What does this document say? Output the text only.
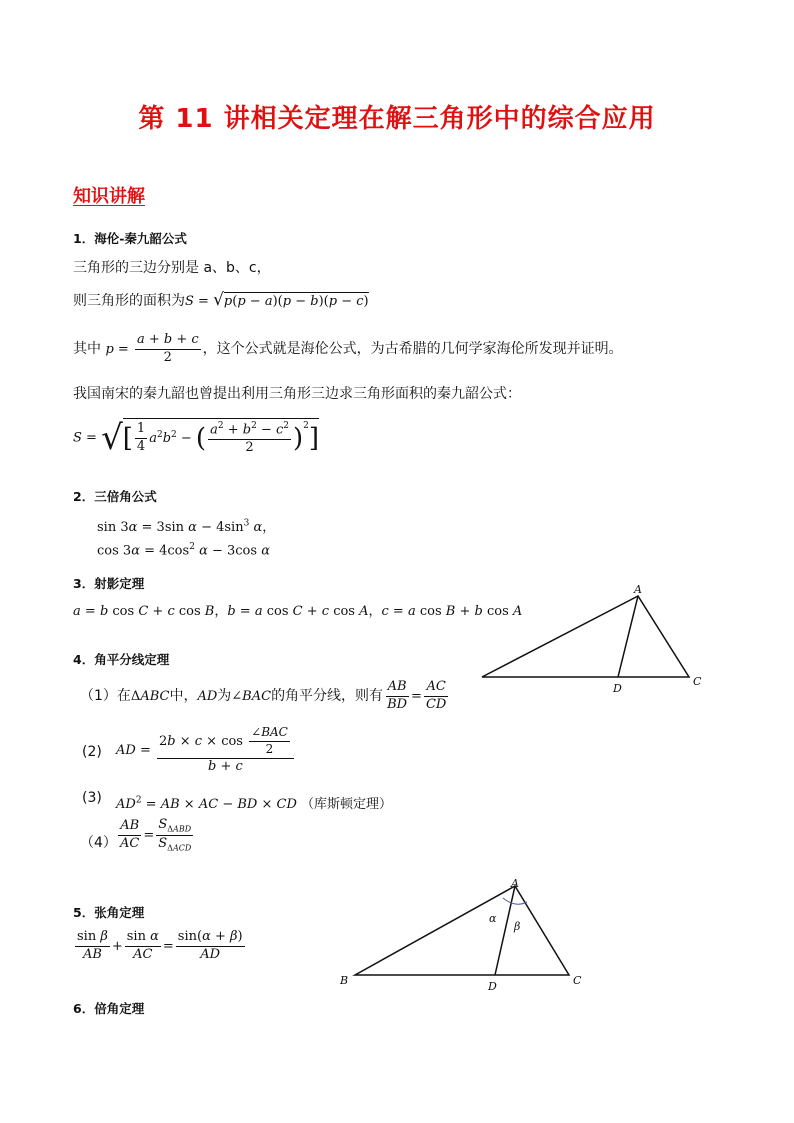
第 11 讲相关定理在解三角形中的综合应用
知识讲解
1．海伦-秦九韶公式
三角形的三边分别是 a、b、c，
则三角形的面积为S = √p(p − a)(p − b)(p − c)
其中 $p = \frac{a + b + c}{2}$ ，这个公式就是海伦公式，为古希腊的几何学家海伦所发现并证明。
我国南宋的秦九韶也曾提出利用三角形三边求三角形面积的秦九韶公式：
S = √[ $\frac{1}{4} a^2b^2$ − ( $\frac{a^2 + b^2 - c^2}{2} )^2$]
2．三倍角公式
sin 3α = 3sin $\alpha - 4\sin^3$ α，
$\cos 3\alpha = 4\cos^2$ α − 3cos α
3．射影定理
a = b cos C + c cos B，b = a cos C + c cos A，c = a cos B + b cos A
A
C
D
4．角平分线定理
（1）在ΔABC中，AD为∠BAC的角平分线，则有 $\frac{AB}{BD} = \frac{AC}{CD}$
(2) AD = $\frac{2b \times c \times \cos \frac{\text{∠BAC}}{2}}{b + c}$
(3) $AD^2$ = AB × AC − BD × CD （库斯顿定理）
$(4) \frac{AB}{AC} = \frac{S_{\Delta ABD}}{S_{\Delta ACD}}$
A
B	C
D
α
β
5．张角定理
$\frac{\text{sin β}}{AB} + \frac{\text{sin α}}{AC} = \frac{\sin(\alpha + \beta)}{AD}$
6．倍角定理
